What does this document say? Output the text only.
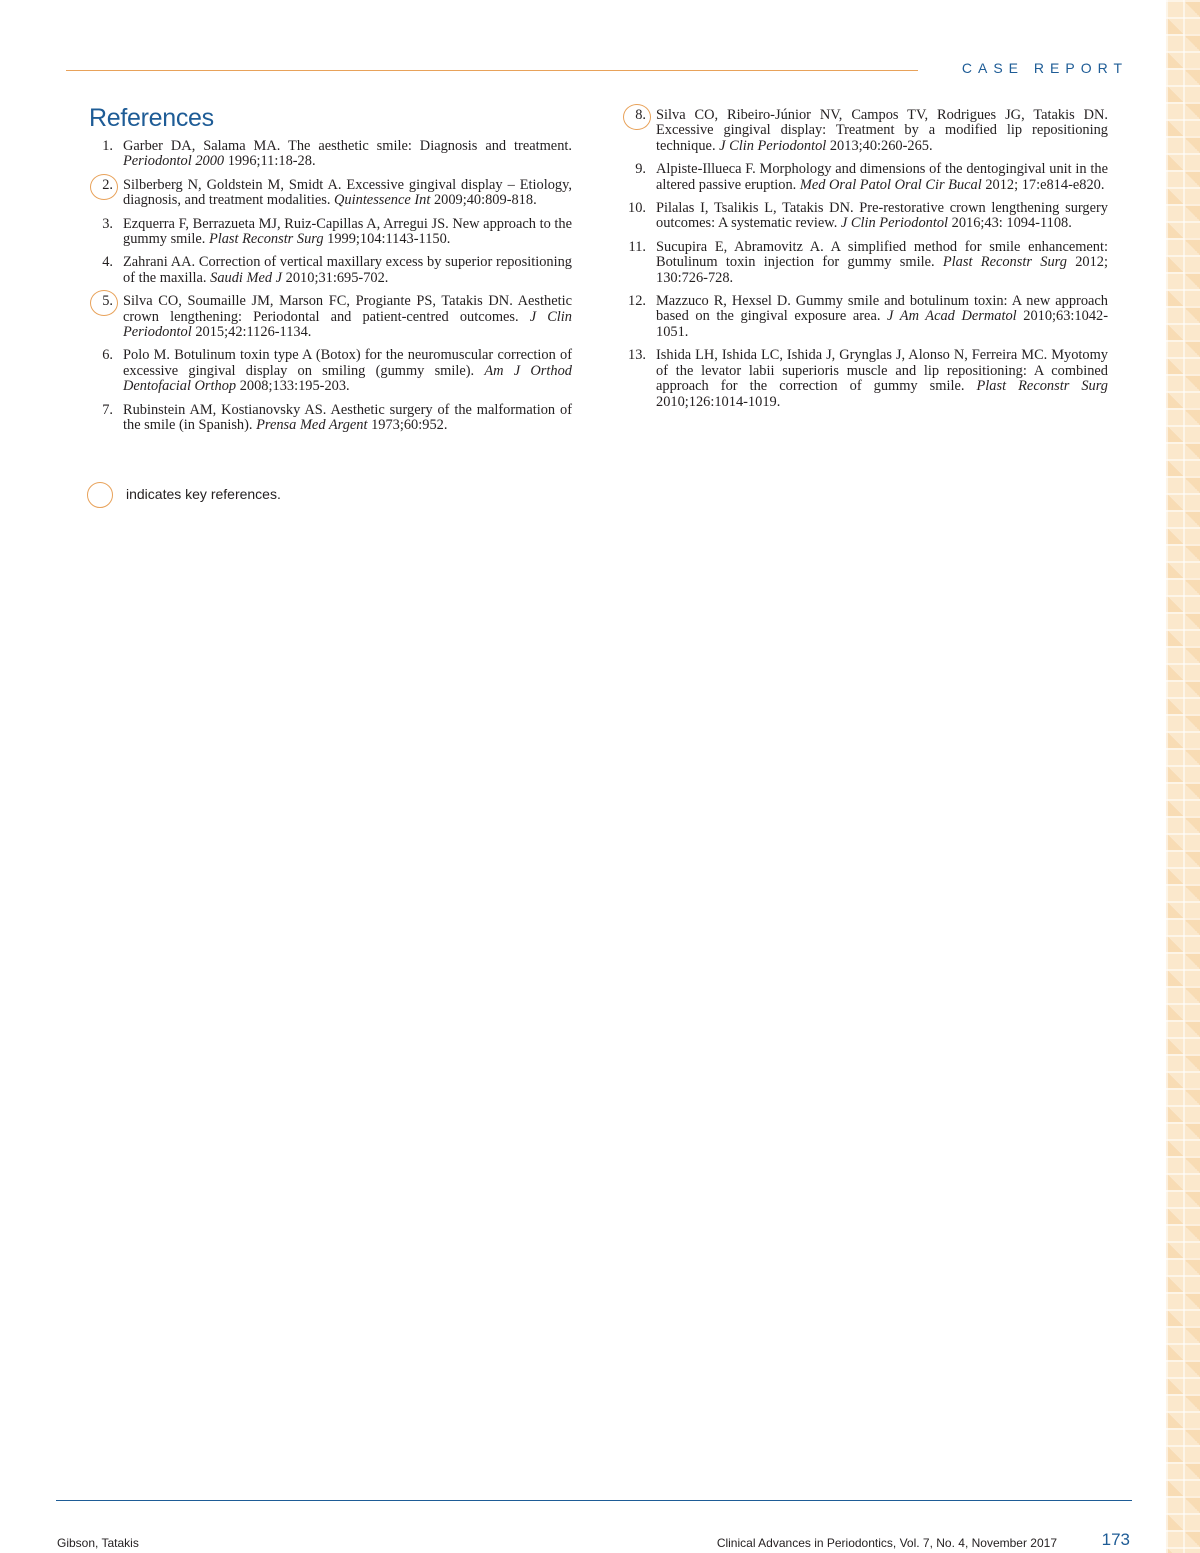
CASE REPORT
References
1. Garber DA, Salama MA. The aesthetic smile: Diagnosis and treatment. Periodontol 2000 1996;11:18-28.
2. Silberberg N, Goldstein M, Smidt A. Excessive gingival display – Etiology, diagnosis, and treatment modalities. Quintessence Int 2009;40:809-818.
3. Ezquerra F, Berrazueta MJ, Ruiz-Capillas A, Arregui JS. New approach to the gummy smile. Plast Reconstr Surg 1999;104:1143-1150.
4. Zahrani AA. Correction of vertical maxillary excess by superior repositioning of the maxilla. Saudi Med J 2010;31:695-702.
5. Silva CO, Soumaille JM, Marson FC, Progiante PS, Tatakis DN. Aesthetic crown lengthening: Periodontal and patient-centred outcomes. J Clin Periodontol 2015;42:1126-1134.
6. Polo M. Botulinum toxin type A (Botox) for the neuromuscular correction of excessive gingival display on smiling (gummy smile). Am J Orthod Dentofacial Orthop 2008;133:195-203.
7. Rubinstein AM, Kostianovsky AS. Aesthetic surgery of the malformation of the smile (in Spanish). Prensa Med Argent 1973;60:952.
8. Silva CO, Ribeiro-Júnior NV, Campos TV, Rodrigues JG, Tatakis DN. Excessive gingival display: Treatment by a modified lip repositioning technique. J Clin Periodontol 2013;40:260-265.
9. Alpiste-Illueca F. Morphology and dimensions of the dentogingival unit in the altered passive eruption. Med Oral Patol Oral Cir Bucal 2012; 17:e814-e820.
10. Pilalas I, Tsalikis L, Tatakis DN. Pre-restorative crown lengthening surgery outcomes: A systematic review. J Clin Periodontol 2016;43: 1094-1108.
11. Sucupira E, Abramovitz A. A simplified method for smile enhancement: Botulinum toxin injection for gummy smile. Plast Reconstr Surg 2012; 130:726-728.
12. Mazzuco R, Hexsel D. Gummy smile and botulinum toxin: A new approach based on the gingival exposure area. J Am Acad Dermatol 2010;63:1042-1051.
13. Ishida LH, Ishida LC, Ishida J, Grynglas J, Alonso N, Ferreira MC. Myotomy of the levator labii superioris muscle and lip repositioning: A combined approach for the correction of gummy smile. Plast Reconstr Surg 2010;126:1014-1019.
indicates key references.
Gibson, Tatakis	Clinical Advances in Periodontics, Vol. 7, No. 4, November 2017	173
